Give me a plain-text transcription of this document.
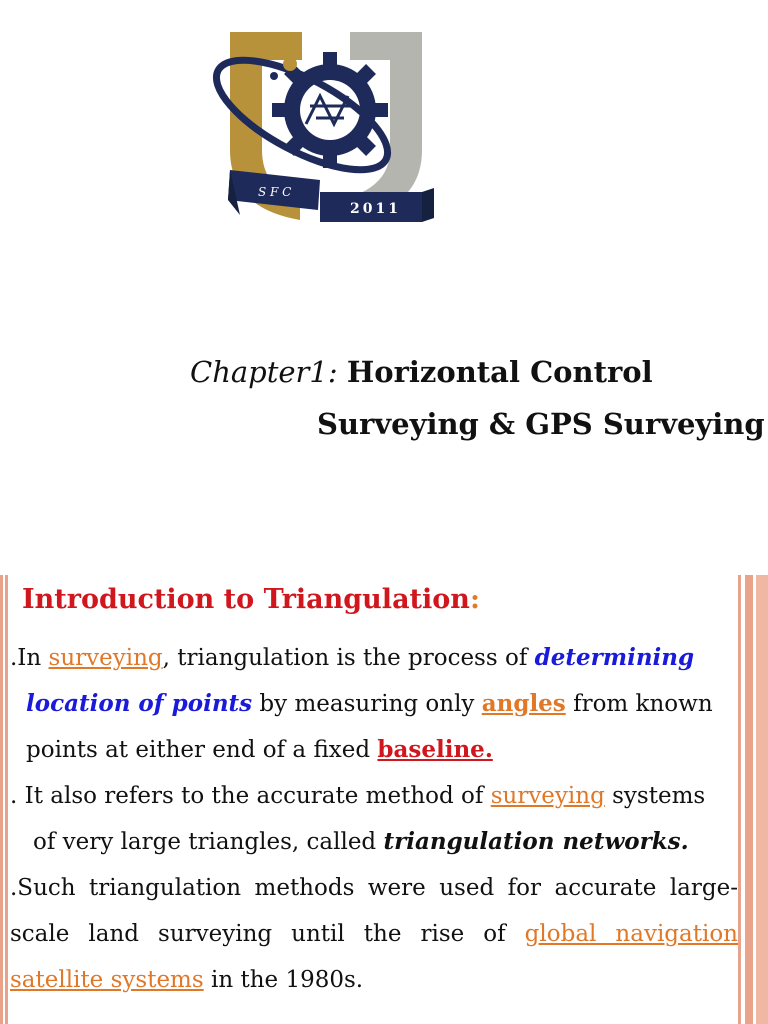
S F C
2011
Chapter1: Horizontal Control
Surveying & GPS Surveying
Introduction to Triangulation:
.In surveying, triangulation is the process of determining
location of points by measuring only angles from known
points at either end of a fixed baseline.
. It also refers to the accurate method of surveying systems
of very large triangles, called triangulation networks.
.Such triangulation methods were used for accurate large-
scale land surveying until the rise of global navigation
satellite systems in the 1980s.
